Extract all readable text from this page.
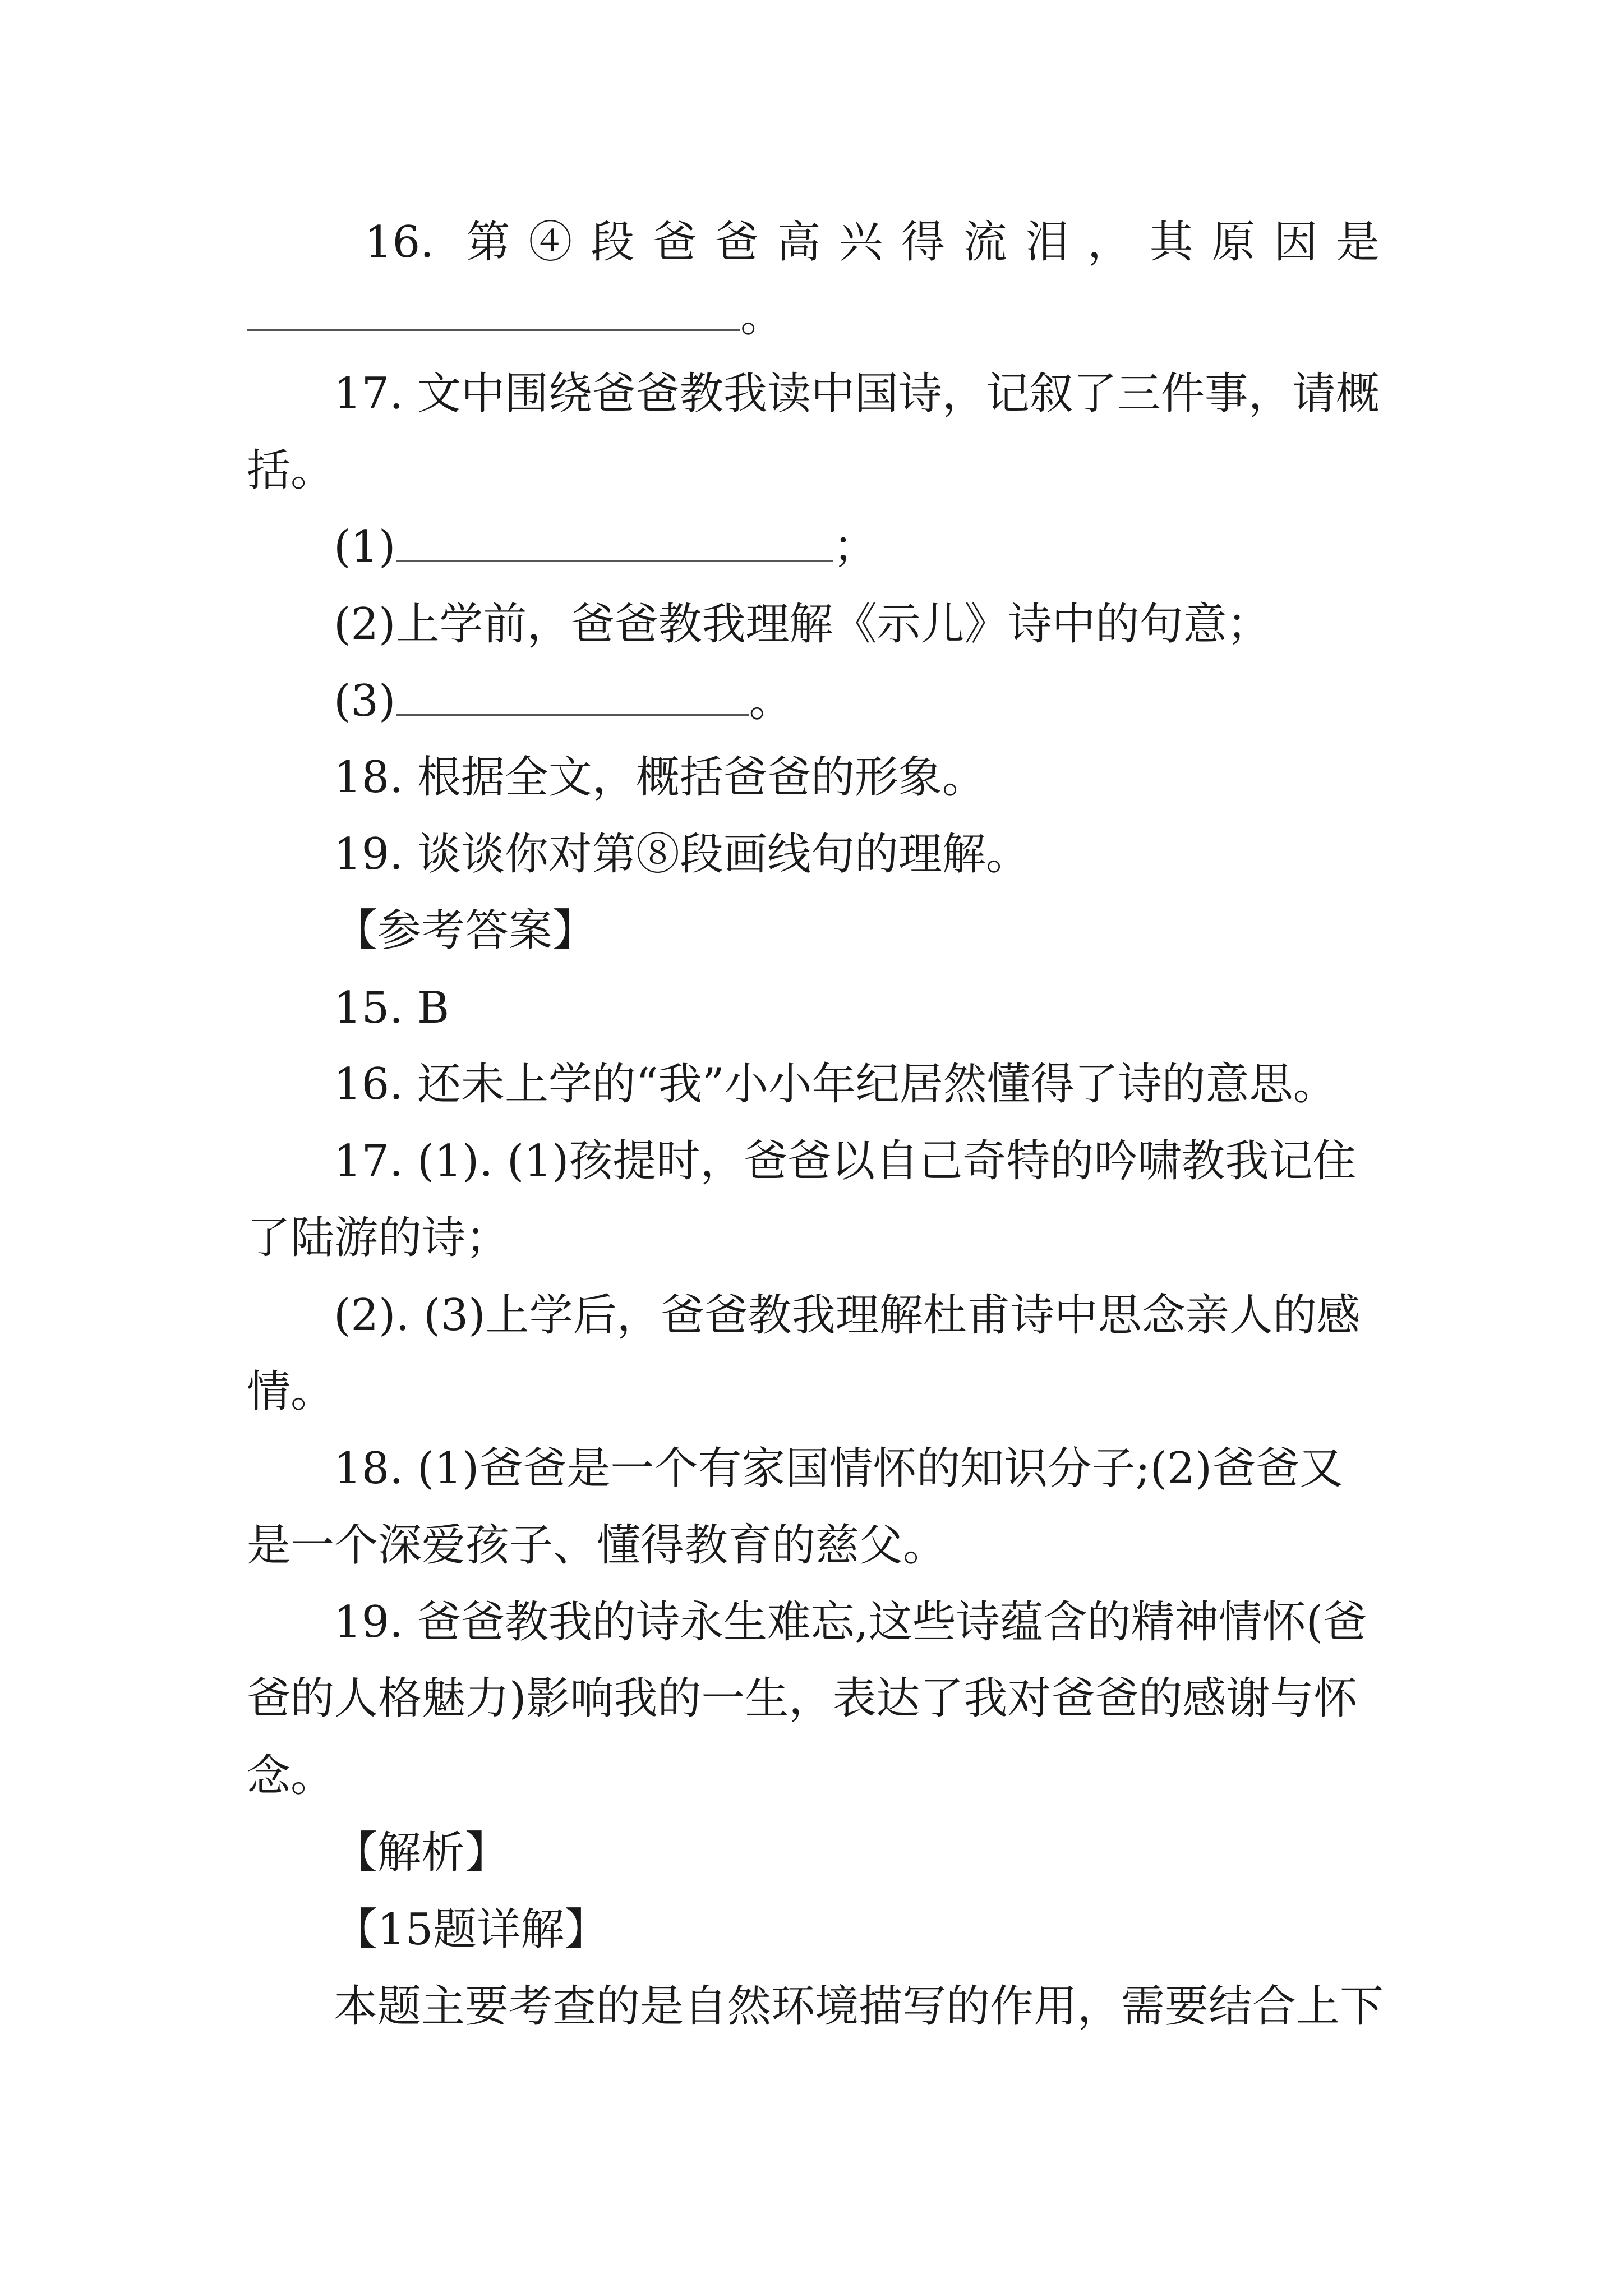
16. 第④段爸爸高兴得流泪，其原因是
。
17. 文中围绕爸爸教我读中国诗，记叙了三件事，请概
括。
(1)	；
(2)上学前，爸爸教我理解《示儿》诗中的句意；
(3)	。
18. 根据全文，概括爸爸的形象。
19. 谈谈你对第⑧段画线句的理解。
【参考答案】
15. B
16. 还未上学的“我”小小年纪居然懂得了诗的意思。
17. (1). (1)孩提时，爸爸以自己奇特的吟啸教我记住
了陆游的诗；
(2). (3)上学后，爸爸教我理解杜甫诗中思念亲人的感
情。
18. (1)爸爸是一个有家国情怀的知识分子;(2)爸爸又
是一个深爱孩子、懂得教育的慈父。
19. 爸爸教我的诗永生难忘,这些诗蕴含的精神情怀(爸
爸的人格魅力)影响我的一生，表达了我对爸爸的感谢与怀
念。
【解析】
【15题详解】
本题主要考查的是自然环境描写的作用，需要结合上下
